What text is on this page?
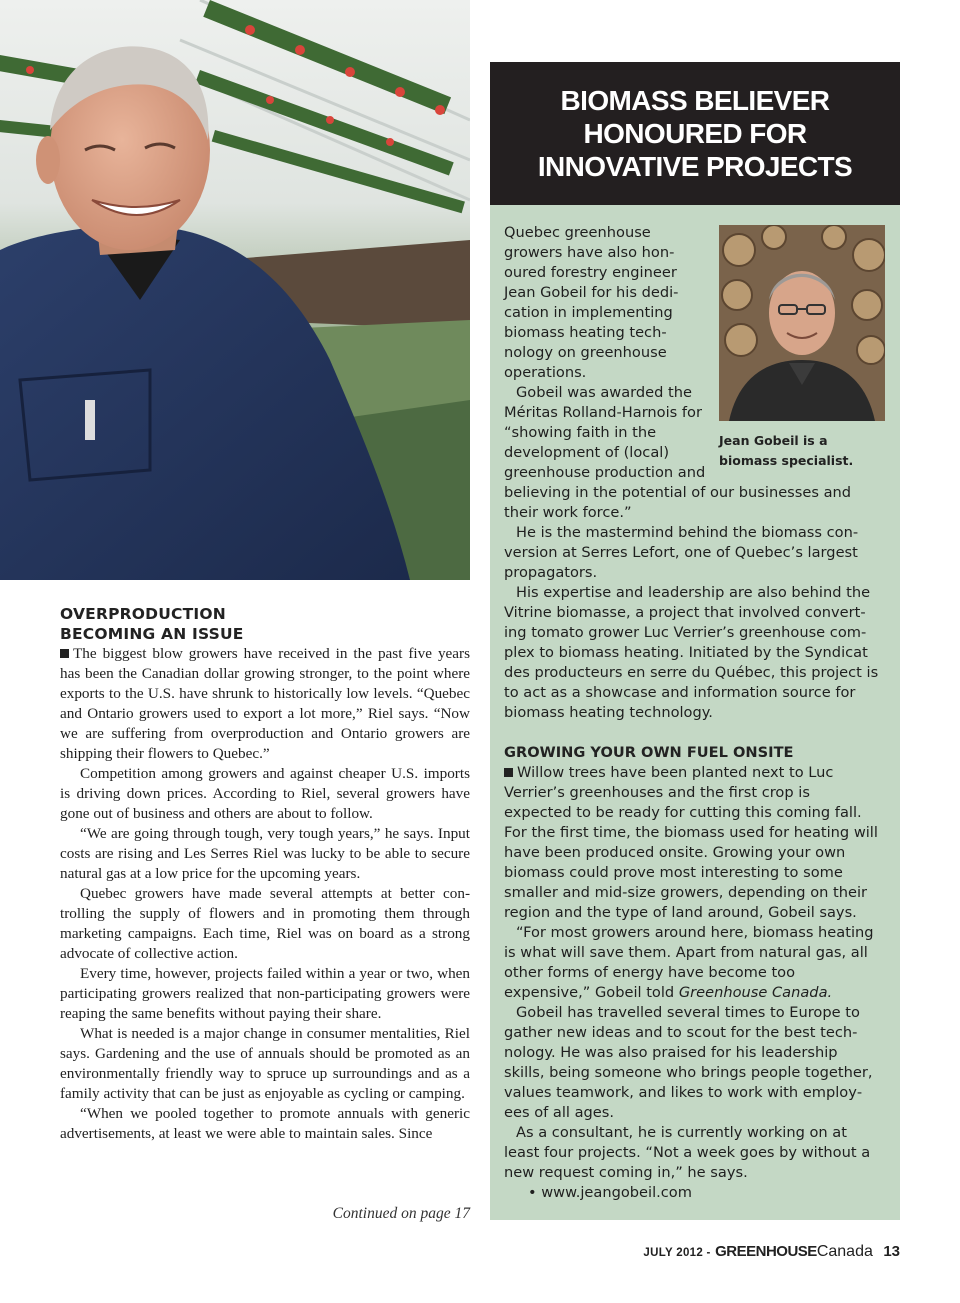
OVERPRODUCTION
BECOMING AN ISSUE

The biggest blow growers have received in the past five years has been the Canadian dollar growing stronger, to the point where exports to the U.S. have shrunk to historically low levels. “Quebec and Ontario growers used to export a lot more,” Riel says. “Now we are suffering from overproduction and Ontario growers are shipping their flowers to Quebec.”

Competition among growers and against cheaper U.S. imports is driving down prices. According to Riel, several growers have gone out of business and others are about to follow.

“We are going through tough, very tough years,” he says. Input costs are rising and Les Serres Riel was lucky to be able to secure natural gas at a low price for the upcoming years.

Quebec growers have made several attempts at better controlling the supply of flowers and in promoting them through marketing campaigns. Each time, Riel was on board as a strong advocate of collective action.

Every time, however, projects failed within a year or two, when participating growers realized that non-participating growers were reaping the same benefits without paying their share.

What is needed is a major change in consumer mentalities, Riel says. Gardening and the use of annuals should be promoted as an environmentally friendly way to spruce up surroundings and as a family activity that can be just as enjoyable as cycling or camping.

“When we pooled together to promote annuals with generic advertisements, at least we were able to maintain sales. Since

Continued on page 17
BIOMASS BELIEVER
HONOURED FOR
INNOVATIVE PROJECTS
Jean Gobeil is a biomass specialist.

Quebec greenhouse growers have also honoured forestry engineer Jean Gobeil for his dedication in implementing biomass heating technology on greenhouse operations.

Gobeil was awarded the Méritas Rolland-Harnois for “showing faith in the development of (local) greenhouse production and believing in the potential of our businesses and their work force.”

He is the mastermind behind the biomass conversion at Serres Lefort, one of Quebec’s largest propagators.

His expertise and leadership are also behind the Vitrine biomasse, a project that involved converting tomato grower Luc Verrier’s greenhouse complex to biomass heating. Initiated by the Syndicat des producteurs en serre du Québec, this project is to act as a showcase and information source for biomass heating technology.

GROWING YOUR OWN FUEL ONSITE

Willow trees have been planted next to Luc Verrier’s greenhouses and the first crop is expected to be ready for cutting this coming fall. For the first time, the biomass used for heating will have been produced onsite. Growing your own biomass could prove most interesting to some smaller and mid-size growers, depending on their region and the type of land around, Gobeil says.

“For most growers around here, biomass heating is what will save them. Apart from natural gas, all other forms of energy have become too expensive,” Gobeil told Greenhouse Canada.

Gobeil has travelled several times to Europe to gather new ideas and to scout for the best technology. He was also praised for his leadership skills, being someone who brings people together, values teamwork, and likes to work with employees of all ages.

As a consultant, he is currently working on at least four projects. “Not a week goes by without a new request coming in,” he says.

• www.jeangobeil.com

JULY 2012 - GREENHOUSECanada 13
